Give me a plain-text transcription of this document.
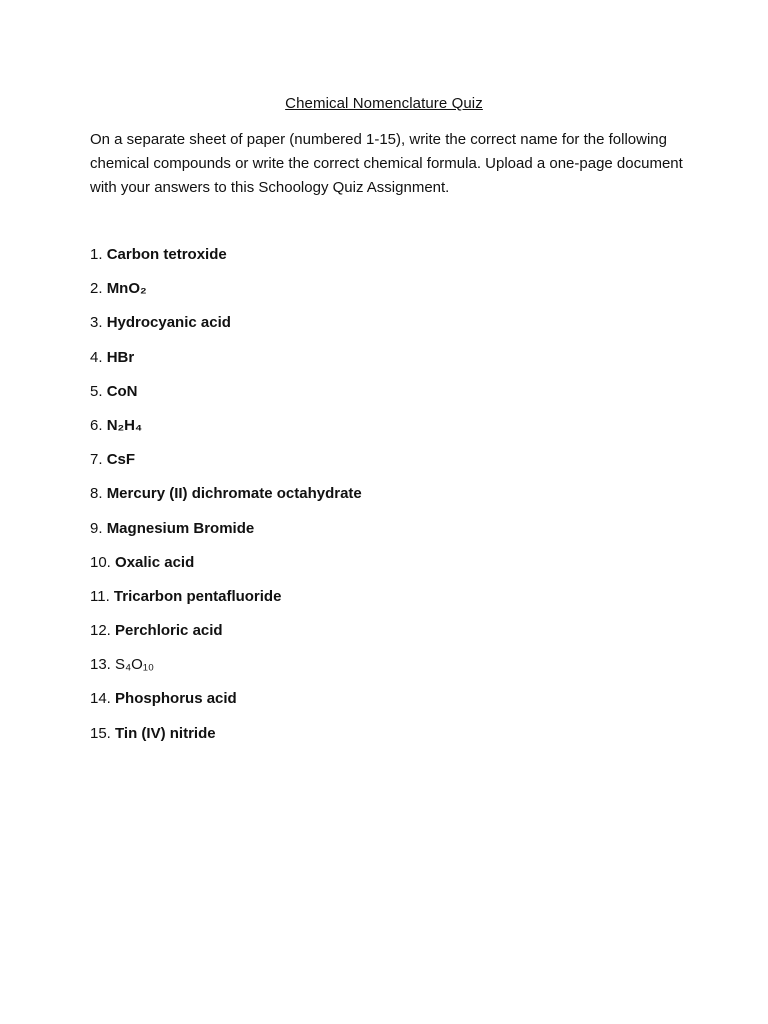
Chemical Nomenclature Quiz
On a separate sheet of paper (numbered 1-15), write the correct name for the following chemical compounds or write the correct chemical formula. Upload a one-page document with your answers to this Schoology Quiz Assignment.
1. Carbon tetroxide
2. MnO₂
3. Hydrocyanic acid
4. HBr
5. CoN
6. N₂H₄
7. CsF
8. Mercury (II) dichromate octahydrate
9. Magnesium Bromide
10. Oxalic acid
11. Tricarbon pentafluoride
12. Perchloric acid
13. S₄O₁₀
14. Phosphorus acid
15. Tin (IV) nitride
